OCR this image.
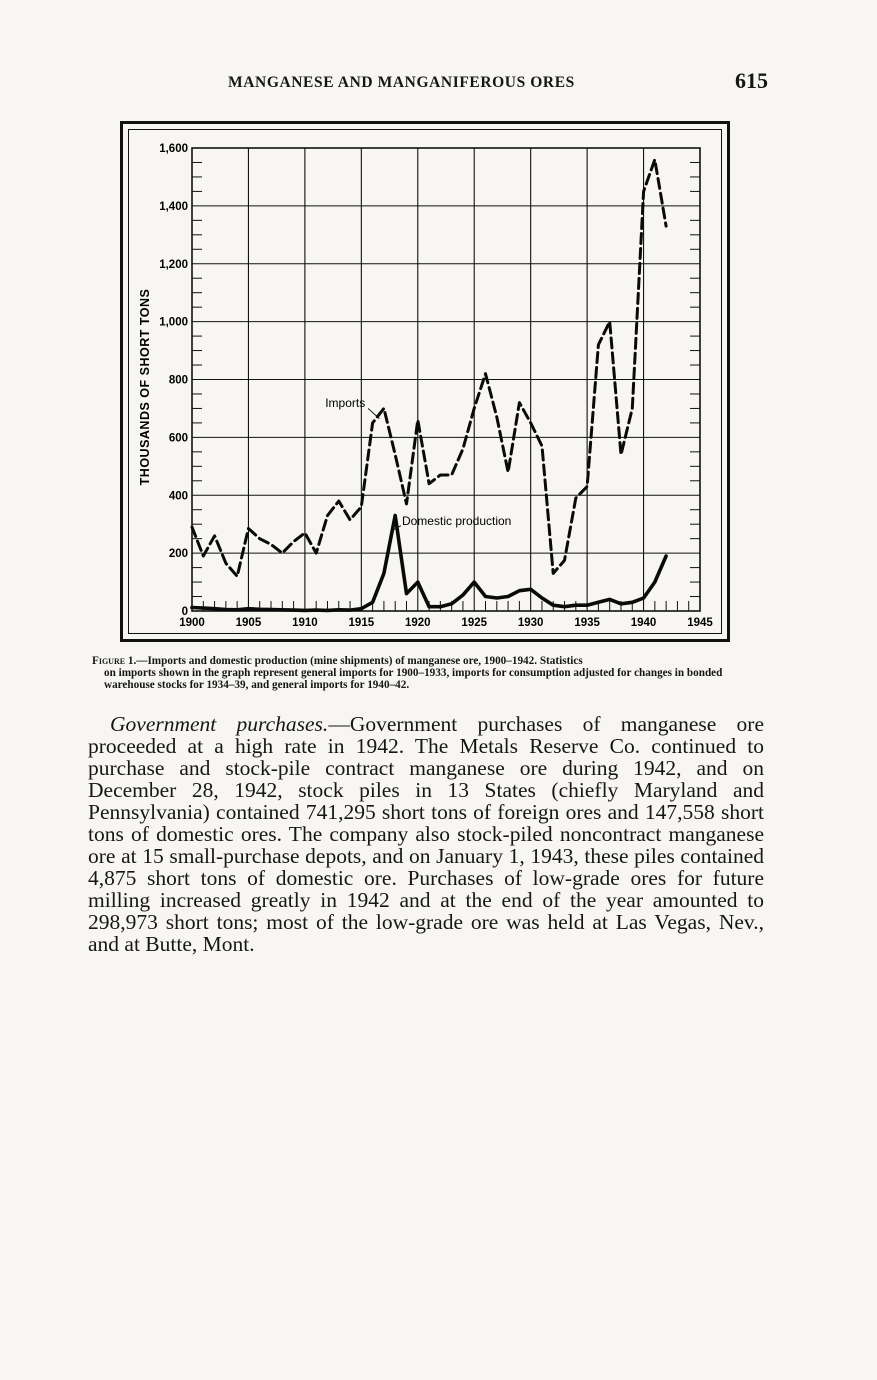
MANGANESE AND MANGANIFEROUS ORES	615
0
200
400
600
800
1,000
1,200
1,400
1,600
1900	1905	1910	1915	1920	1925	1930	1935	1940	1945
THOUSANDS OF SHORT TONS	Imports
Domestic production
Figure 1.—Imports and domestic production (mine shipments) of manganese ore, 1900–1942. Statistics
on imports shown in the graph represent general imports for 1900–1933, imports for consumption adjusted for changes in bonded warehouse stocks for 1934–39, and general imports for 1940–42.
Government purchases.—Government purchases of manganese ore proceeded at a high rate in 1942. The Metals Reserve Co. continued to purchase and stock-pile contract manganese ore during 1942, and on December 28, 1942, stock piles in 13 States (chiefly Maryland and Pennsylvania) contained 741,295 short tons of foreign ores and 147,558 short tons of domestic ores. The company also stock-piled noncontract manganese ore at 15 small-purchase depots, and on January 1, 1943, these piles contained 4,875 short tons of domestic ore. Purchases of low-grade ores for future milling increased greatly in 1942 and at the end of the year amounted to 298,973 short tons; most of the low-grade ore was held at Las Vegas, Nev., and at Butte, Mont.
